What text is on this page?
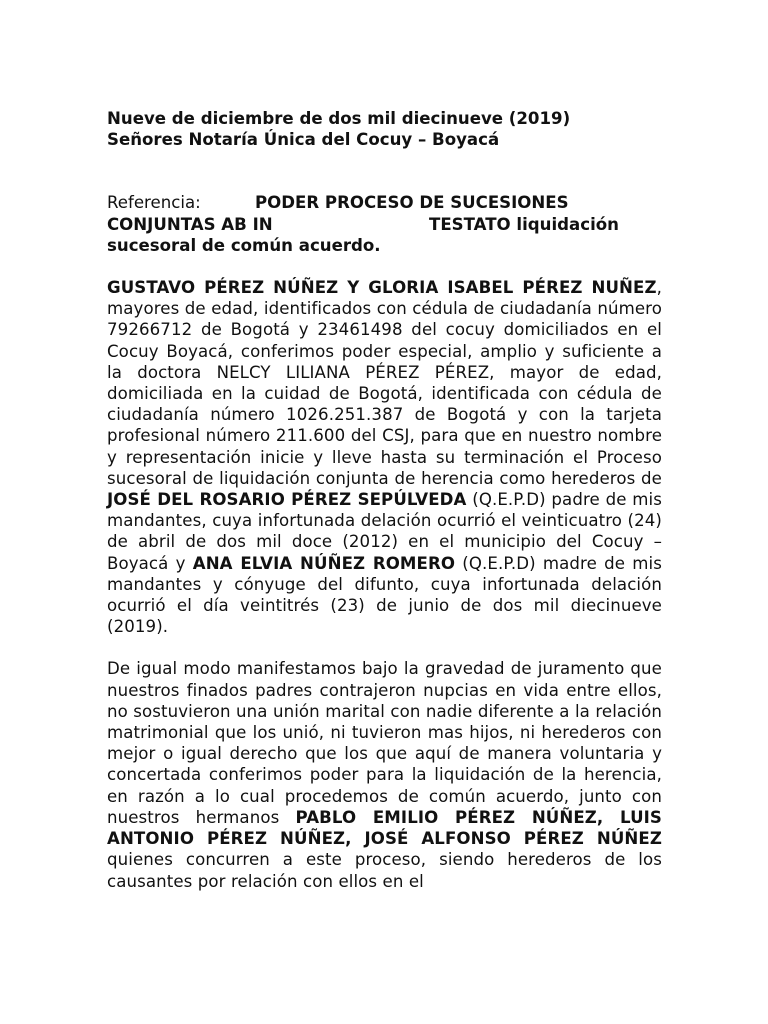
Nueve de diciembre de dos mil diecinueve (2019)

Señores Notaría Única del Cocuy – Boyacá

Referencia:	PODER PROCESO DE SUCESIONES
CONJUNTAS AB IN	TESTATO liquidación
sucesoral de común acuerdo.

GUSTAVO PÉREZ NÚÑEZ Y GLORIA ISABEL PÉREZ NUÑEZ, mayores de edad, identificados con cédula de ciudadanía número 79266712 de Bogotá y 23461498 del cocuy domiciliados en el Cocuy Boyacá, conferimos poder especial, amplio y suficiente a la doctora NELCY LILIANA PÉREZ PÉREZ, mayor de edad, domiciliada en la cuidad de Bogotá, identificada con cédula de ciudadanía número 1026.251.387 de Bogotá y con la tarjeta profesional número 211.600 del CSJ, para que en nuestro nombre y representación inicie y lleve hasta su terminación el Proceso sucesoral de liquidación conjunta de herencia como herederos de JOSÉ DEL ROSARIO PÉREZ SEPÚLVEDA (Q.E.P.D) padre de mis mandantes, cuya infortunada delación ocurrió el veinticuatro (24) de abril de dos mil doce (2012) en el municipio del Cocuy – Boyacá y ANA ELVIA NÚÑEZ ROMERO (Q.E.P.D) madre de mis mandantes y cónyuge del difunto, cuya infortunada delación ocurrió el día veintitrés (23) de junio de dos mil diecinueve (2019).

De igual modo manifestamos bajo la gravedad de juramento que nuestros finados padres contrajeron nupcias en vida entre ellos, no sostuvieron una unión marital con nadie diferente a la relación matrimonial que los unió, ni tuvieron mas hijos, ni herederos con mejor o igual derecho que los que aquí de manera voluntaria y concertada conferimos poder para la liquidación de la herencia, en razón a lo cual procedemos de común acuerdo, junto con nuestros hermanos PABLO EMILIO PÉREZ NÚÑEZ, LUIS ANTONIO PÉREZ NÚÑEZ, JOSÉ ALFONSO PÉREZ NÚÑEZ quienes concurren a este proceso, siendo herederos de los causantes por relación con ellos en el
